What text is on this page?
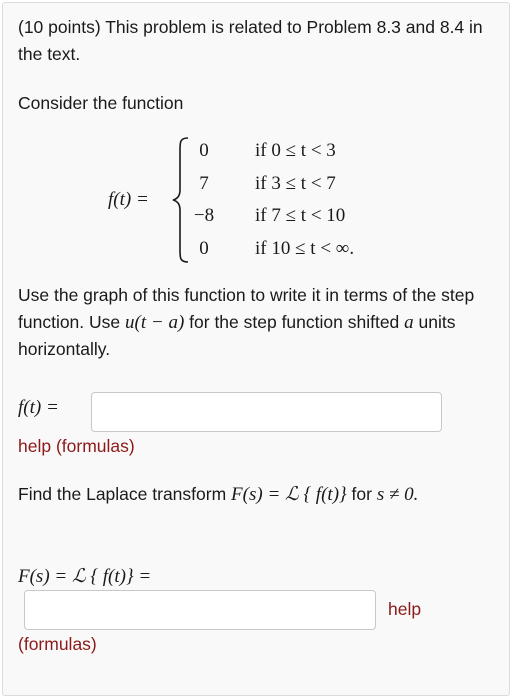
(10 points) This problem is related to Problem 8.3 and 8.4 in the text.

Consider the function

f(t) =
0	if 0 ≤ t < 3
7	if 3 ≤ t < 7
−8 if 7 ≤ t < 10
0	if 10 ≤ t < ∞.

Use the graph of this function to write it in terms of the step function. Use u(t − a) for the step function shifted a units horizontally.

f(t) =
help (formulas)

Find the Laplace transform F(s) = ℒ { f(t)} for s ≠ 0.

F(s) = ℒ { f(t)} =
help
(formulas)
